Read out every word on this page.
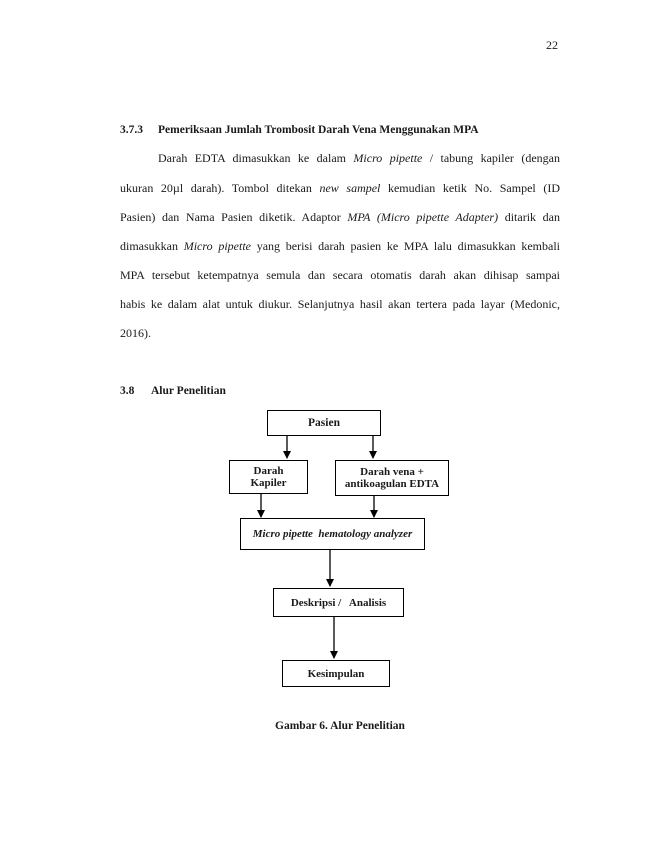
22
3.7.3 Pemeriksaan Jumlah Trombosit Darah Vena Menggunakan MPA
Darah EDTA dimasukkan ke dalam Micro pipette / tabung kapiler (dengan
ukuran 20µl darah). Tombol ditekan new sampel kemudian ketik No. Sampel (ID
Pasien) dan Nama Pasien diketik. Adaptor MPA (Micro pipette Adapter) ditarik dan
dimasukkan Micro pipette yang berisi darah pasien ke MPA lalu dimasukkan kembali
MPA tersebut ketempatnya semula dan secara otomatis darah akan dihisap sampai
habis ke dalam alat untuk diukur. Selanjutnya hasil akan tertera pada layar (Medonic,
2016).
3.8 Alur Penelitian
Pasien
Darah
Kapiler
Darah vena +
antikoagulan EDTA
Micro pipette  hematology analyzer
Deskripsi /   Analisis
Kesimpulan
Gambar 6. Alur Penelitian
